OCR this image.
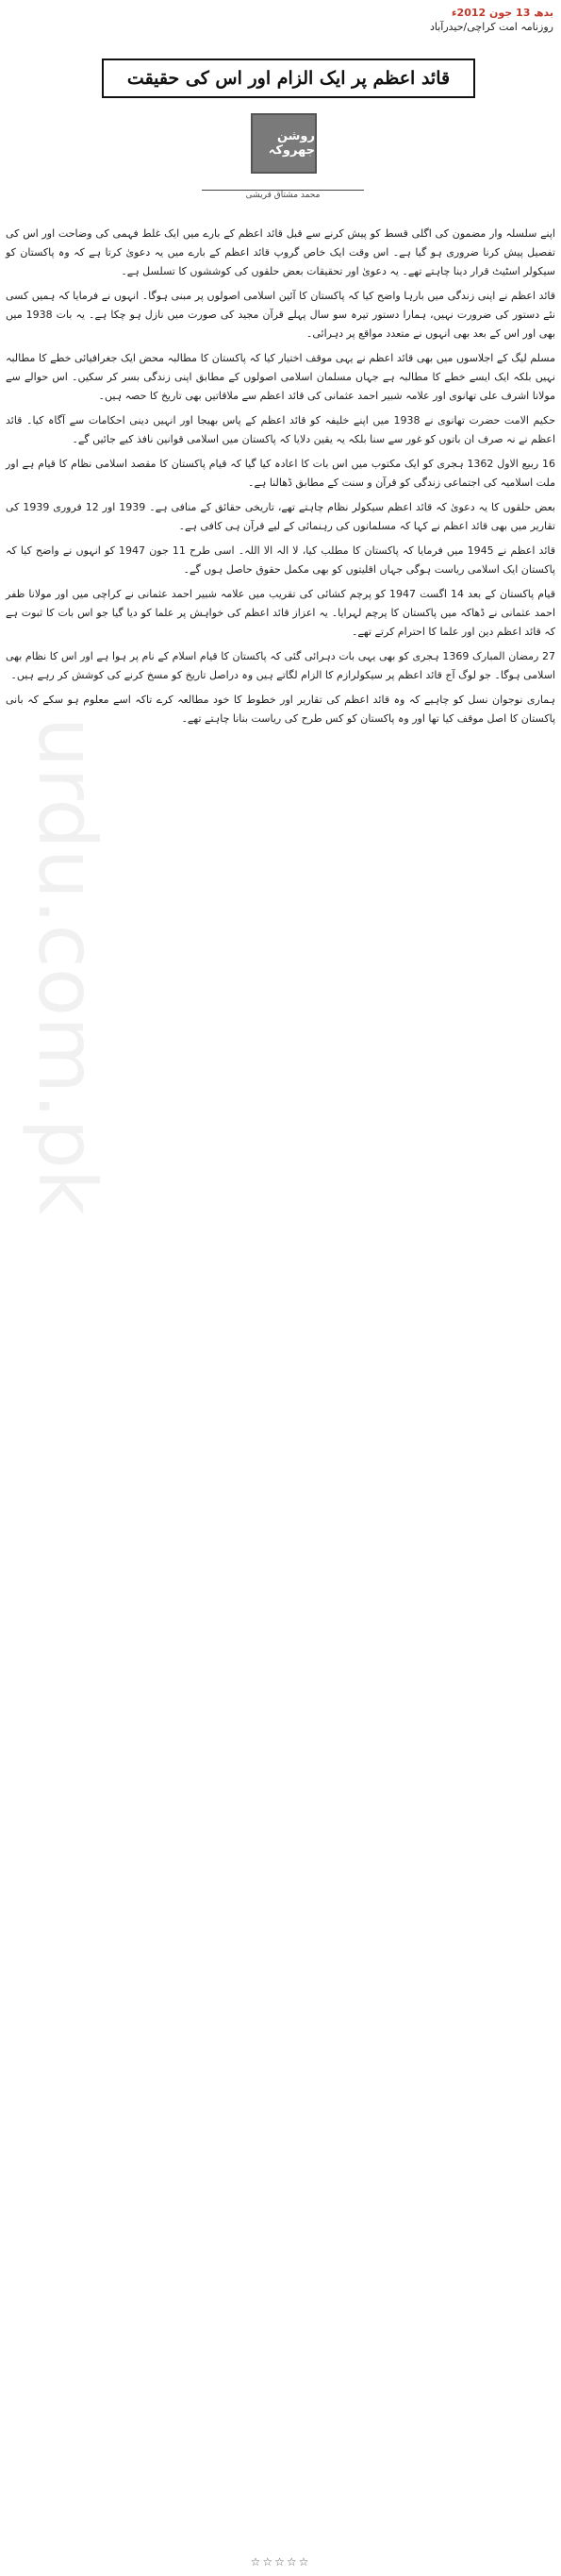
بدھ 13 جون 2012ء
روزنامہ امت کراچی/حیدرآباد
قائد اعظم پر ایک الزام اور اس کی حقیقت
روشن جهروکہ
محمد مشتاق قریشی
urdu.com.pk

اپنے سلسلہ وار مضمون کی اگلی قسط کو پیش کرنے سے قبل قائد اعظم کے بارے میں ایک غلط فہمی کی وضاحت اور اس کی تفصیل پیش کرنا ضروری ہو گیا ہے۔ اس وقت ایک خاص گروپ قائد اعظم کے بارے میں یہ دعویٰ کرتا ہے کہ وہ پاکستان کو سیکولر اسٹیٹ قرار دینا چاہتے تھے۔ یہ دعویٰ اور تحقیقات بعض حلقوں کی کوششوں کا تسلسل ہے۔

قائد اعظم نے اپنی زندگی میں بارہا واضح کیا کہ پاکستان کا آئین اسلامی اصولوں پر مبنی ہوگا۔ انہوں نے فرمایا کہ ہمیں کسی نئے دستور کی ضرورت نہیں، ہمارا دستور تیرہ سو سال پہلے قرآن مجید کی صورت میں نازل ہو چکا ہے۔ یہ بات 1938 میں بھی اور اس کے بعد بھی انہوں نے متعدد مواقع پر دہرائی۔

مسلم لیگ کے اجلاسوں میں بھی قائد اعظم نے یہی موقف اختیار کیا کہ پاکستان کا مطالبہ محض ایک جغرافیائی خطے کا مطالبہ نہیں بلکہ ایک ایسے خطے کا مطالبہ ہے جہاں مسلمان اسلامی اصولوں کے مطابق اپنی زندگی بسر کر سکیں۔ اس حوالے سے مولانا اشرف علی تھانوی اور علامہ شبیر احمد عثمانی کی قائد اعظم سے ملاقاتیں بھی تاریخ کا حصہ ہیں۔

حکیم الامت حضرت تھانوی نے 1938 میں اپنے خلیفہ کو قائد اعظم کے پاس بھیجا اور انہیں دینی احکامات سے آگاہ کیا۔ قائد اعظم نے نہ صرف ان باتوں کو غور سے سنا بلکہ یہ یقین دلایا کہ پاکستان میں اسلامی قوانین نافذ کیے جائیں گے۔

16 ربیع الاول 1362 ہجری کو ایک مکتوب میں اس بات کا اعادہ کیا گیا کہ قیام پاکستان کا مقصد اسلامی نظام کا قیام ہے اور ملت اسلامیہ کی اجتماعی زندگی کو قرآن و سنت کے مطابق ڈھالنا ہے۔

بعض حلقوں کا یہ دعویٰ کہ قائد اعظم سیکولر نظام چاہتے تھے، تاریخی حقائق کے منافی ہے۔ 1939 اور 12 فروری 1939 کی تقاریر میں بھی قائد اعظم نے کہا کہ مسلمانوں کی رہنمائی کے لیے قرآن ہی کافی ہے۔

قائد اعظم نے 1945 میں فرمایا کہ پاکستان کا مطلب کیا، لا الہ الا اللہ۔ اسی طرح 11 جون 1947 کو انہوں نے واضح کیا کہ پاکستان ایک اسلامی ریاست ہوگی جہاں اقلیتوں کو بھی مکمل حقوق حاصل ہوں گے۔

قیام پاکستان کے بعد 14 اگست 1947 کو پرچم کشائی کی تقریب میں علامہ شبیر احمد عثمانی نے کراچی میں اور مولانا ظفر احمد عثمانی نے ڈھاکہ میں پاکستان کا پرچم لہرایا۔ یہ اعزاز قائد اعظم کی خواہش پر علما کو دیا گیا جو اس بات کا ثبوت ہے کہ قائد اعظم دین اور علما کا احترام کرتے تھے۔

27 رمضان المبارک 1369 ہجری کو بھی یہی بات دہرائی گئی کہ پاکستان کا قیام اسلام کے نام پر ہوا ہے اور اس کا نظام بھی اسلامی ہوگا۔ جو لوگ آج قائد اعظم پر سیکولرازم کا الزام لگاتے ہیں وہ دراصل تاریخ کو مسخ کرنے کی کوشش کر رہے ہیں۔

ہماری نوجوان نسل کو چاہیے کہ وہ قائد اعظم کی تقاریر اور خطوط کا خود مطالعہ کرے تاکہ اسے معلوم ہو سکے کہ بانی پاکستان کا اصل موقف کیا تھا اور وہ پاکستان کو کس طرح کی ریاست بنانا چاہتے تھے۔

☆☆☆☆☆
